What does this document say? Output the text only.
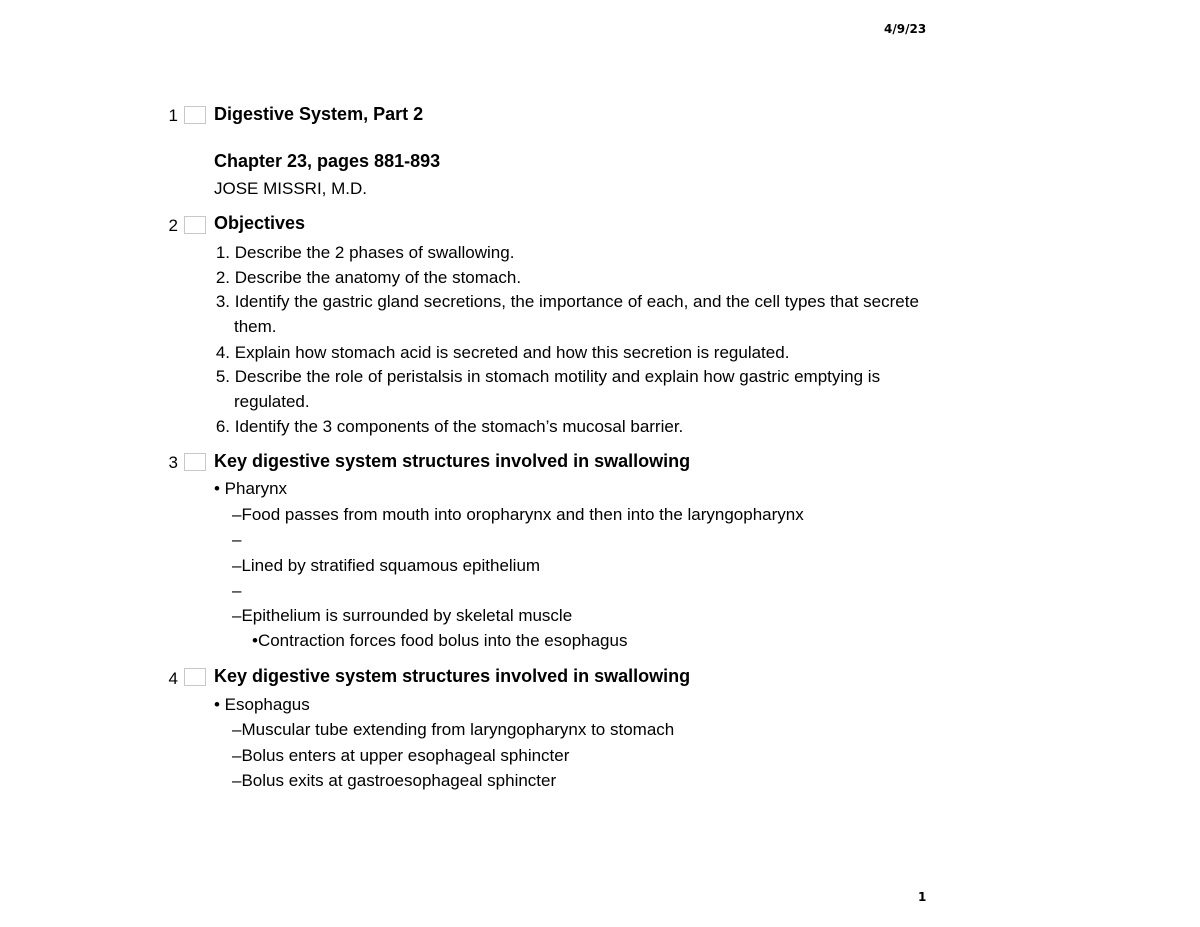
4/9/23
1 Digestive System, Part 2
Chapter 23, pages 881-893
JOSE MISSRI, M.D.
2 Objectives
1. Describe the 2 phases of swallowing.
2. Describe the anatomy of the stomach.
3. Identify the gastric gland secretions, the importance of each, and the cell types that secrete
them.
4. Explain how stomach acid is secreted and how this secretion is regulated.
5. Describe the role of peristalsis in stomach motility and explain how gastric emptying is
regulated.
6. Identify the 3 components of the stomach’s mucosal barrier.
3 Key digestive system structures involved in swallowing
• Pharynx
–Food passes from mouth into oropharynx and then into the laryngopharynx
–
–Lined by stratified squamous epithelium
–
–Epithelium is surrounded by skeletal muscle
•Contraction forces food bolus into the esophagus
4 Key digestive system structures involved in swallowing
• Esophagus
–Muscular tube extending from laryngopharynx to stomach
–Bolus enters at upper esophageal sphincter
–Bolus exits at gastroesophageal sphincter
1
